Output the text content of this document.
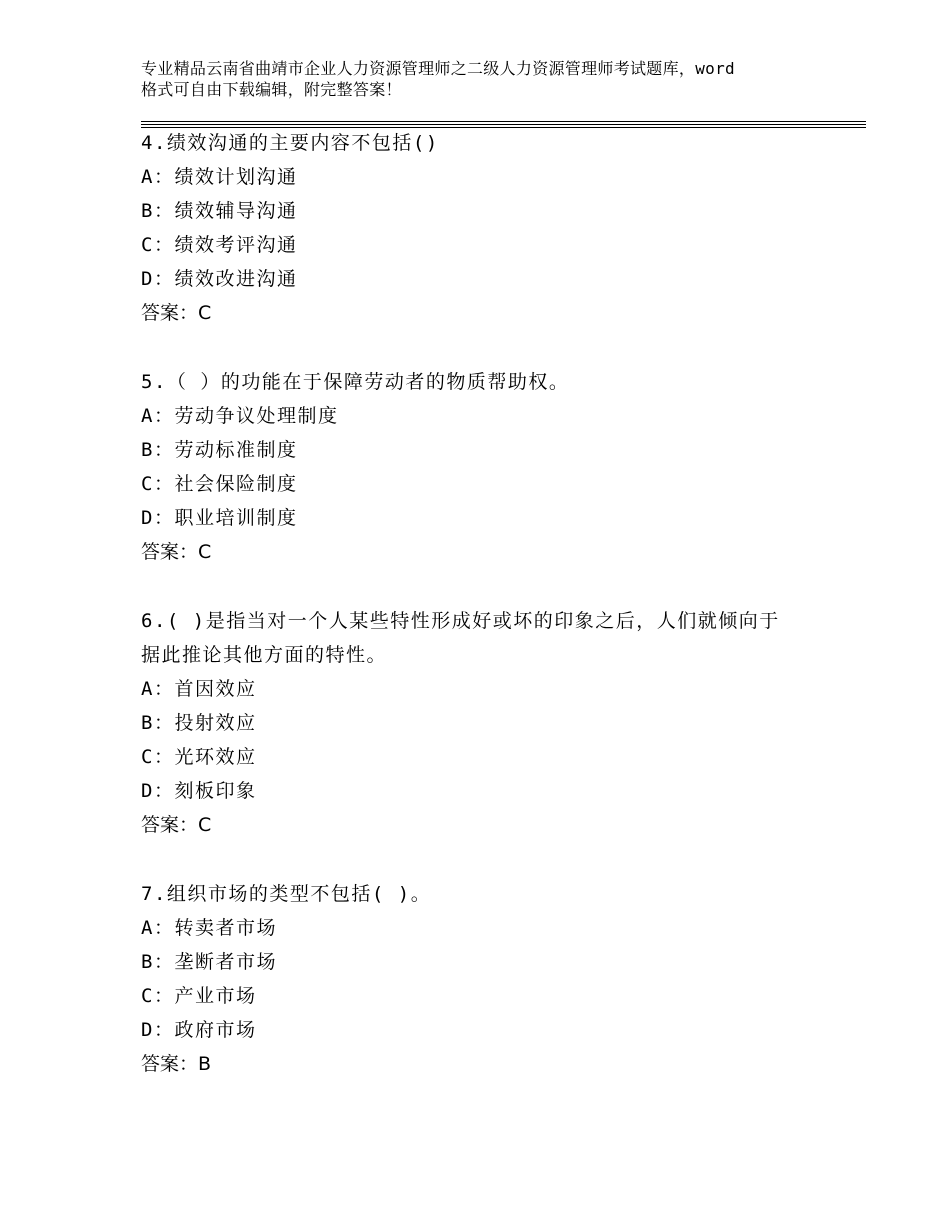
专业精品云南省曲靖市企业人力资源管理师之二级人力资源管理师考试题库，word
格式可自由下载编辑，附完整答案！
4.绩效沟通的主要内容不包括()
A：绩效计划沟通
B：绩效辅导沟通
C：绩效考评沟通
D：绩效改进沟通
答案：C
5.（ ）的功能在于保障劳动者的物质帮助权。
A：劳动争议处理制度
B：劳动标准制度
C：社会保险制度
D：职业培训制度
答案：C
6.( )是指当对一个人某些特性形成好或坏的印象之后，人们就倾向于
据此推论其他方面的特性。
A：首因效应
B：投射效应
C：光环效应
D：刻板印象
答案：C
7.组织市场的类型不包括( )。
A：转卖者市场
B：垄断者市场
C：产业市场
D：政府市场
答案：B
